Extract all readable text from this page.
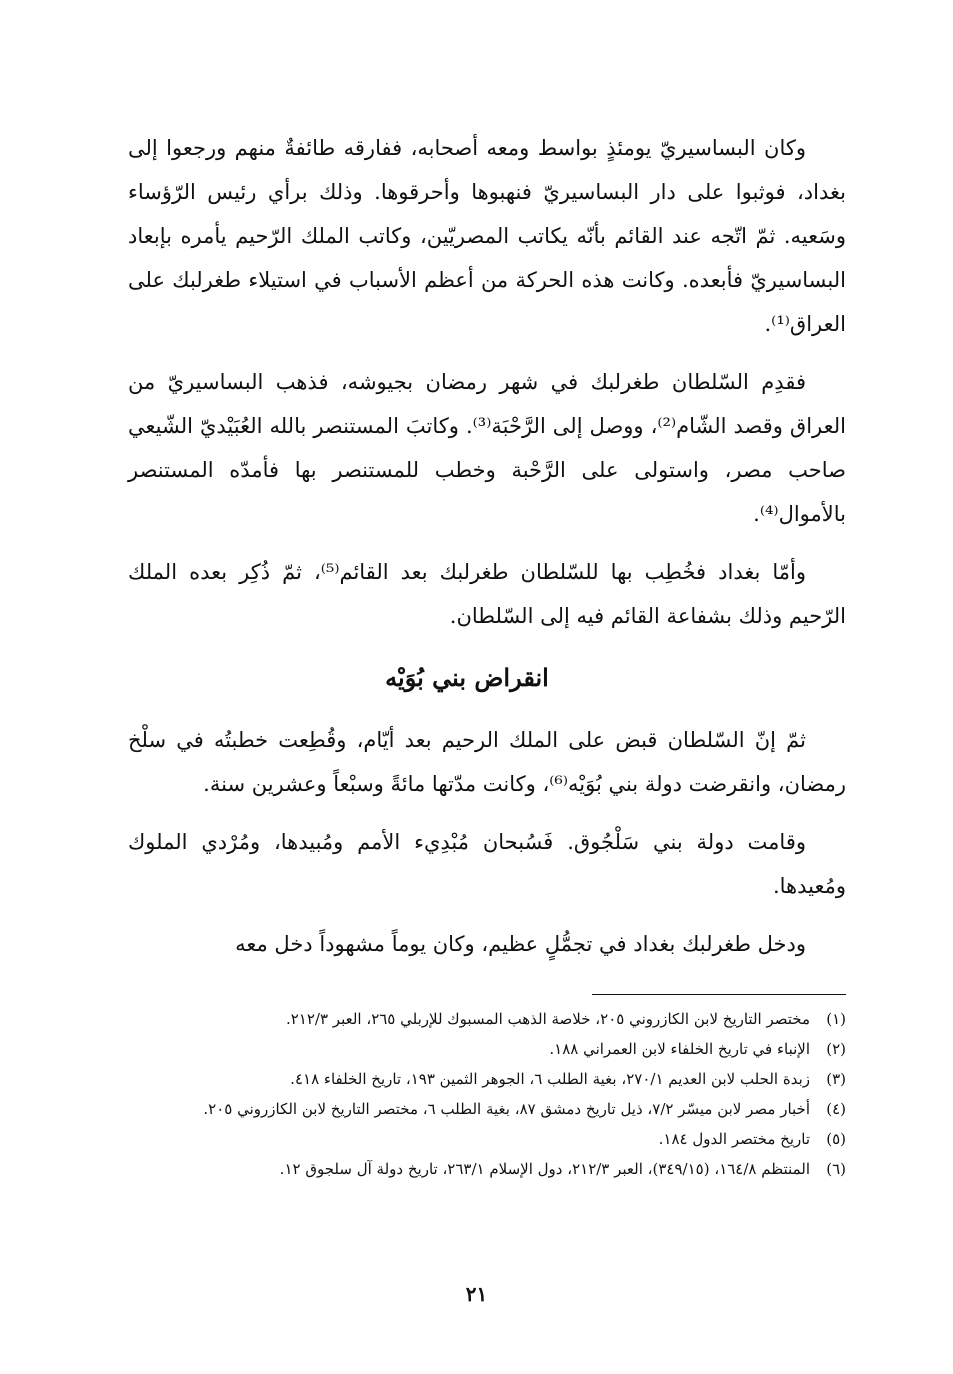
وكان البساسيريّ يومئذٍ بواسط ومعه أصحابه، ففارقه طائفةٌ منهم ورجعوا إلى بغداد، فوثبوا على دار البساسيريّ فنهبوها وأحرقوها. وذلك برأي رئيس الرّؤساء وسَعيه. ثمّ اتّجه عند القائم بأنّه يكاتب المصريّين، وكاتب الملك الرّحيم يأمره بإبعاد البساسيريّ فأبعده. وكانت هذه الحركة من أعظم الأسباب في استيلاء طغرلبك على العراق⁽¹⁾.

فقدِم السّلطان طغرلبك في شهر رمضان بجيوشه، فذهب البساسيريّ من العراق وقصد الشّام⁽²⁾، ووصل إلى الرَّحْبَة⁽³⁾. وكاتبَ المستنصر بالله العُبَيْديّ الشّيعي صاحب مصر، واستولى على الرَّحْبة وخطب للمستنصر بها فأمدّه المستنصر بالأموال⁽⁴⁾.

وأمّا بغداد فخُطِب بها للسّلطان طغرلبك بعد القائم⁽⁵⁾، ثمّ ذُكِر بعده الملك الرّحيم وذلك بشفاعة القائم فيه إلى السّلطان.

انقراض بني بُوَيْه

ثمّ إنّ السّلطان قبض على الملك الرحيم بعد أيّام، وقُطِعت خطبتُه في سلْخ رمضان، وانقرضت دولة بني بُوَيْه⁽⁶⁾، وكانت مدّتها مائةً وسبْعاً وعشرين سنة.

وقامت دولة بني سَلْجُوق. فَسُبحان مُبْدِيء الأمم ومُبيدها، ومُرْدي الملوك ومُعيدها.

ودخل طغرلبك بغداد في تجمُّلٍ عظيم، وكان يوماً مشهوداً دخل معه

(١)
مختصر التاريخ لابن الكازروني ٢٠٥، خلاصة الذهب المسبوك للإربلي ٢٦٥، العبر ٢١٢/٣.
(٢)
الإنباء في تاريخ الخلفاء لابن العمراني ١٨٨.
(٣)
زبدة الحلب لابن العديم ٢٧٠/١، بغية الطلب ٦، الجوهر الثمين ١٩٣، تاريخ الخلفاء ٤١٨.
(٤)
أخبار مصر لابن ميسّر ٧/٢، ذيل تاريخ دمشق ٨٧، بغية الطلب ٦، مختصر التاريخ لابن الكازروني ٢٠٥.
(٥)
تاريخ مختصر الدول ١٨٤.
(٦)
المنتظم ١٦٤/٨، (٣٤٩/١٥)، العبر ٢١٢/٣، دول الإسلام ٢٦٣/١، تاريخ دولة آل سلجوق ١٢.
٢١
